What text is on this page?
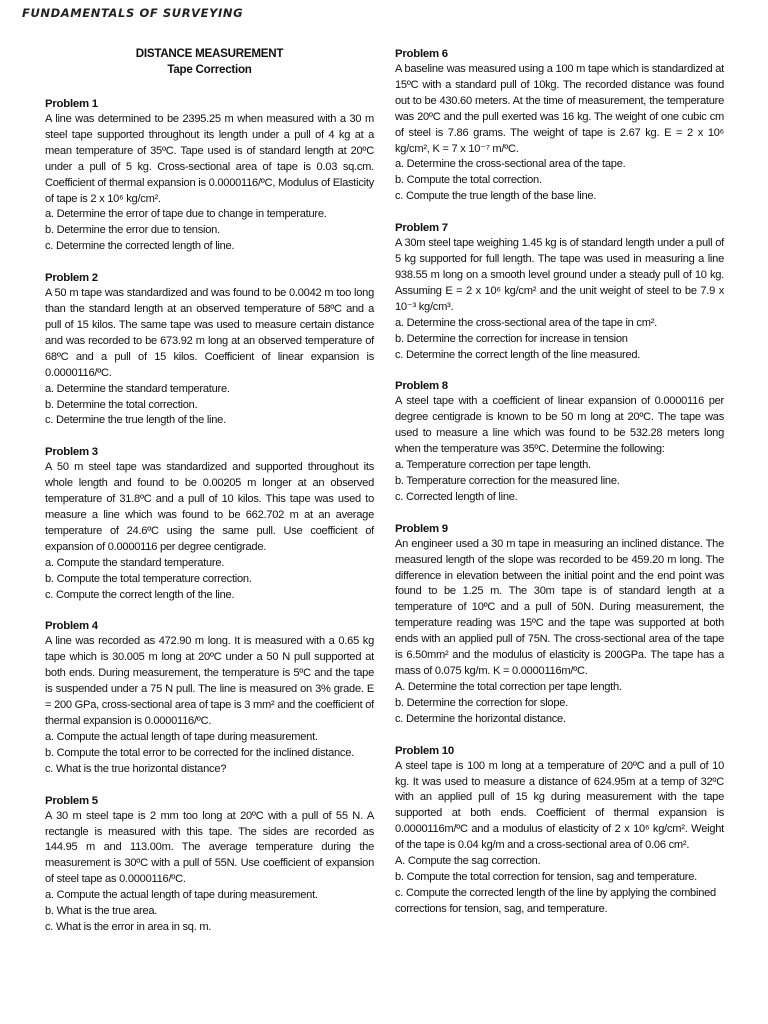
FUNDAMENTALS OF SURVEYING
DISTANCE MEASUREMENT
Tape Correction
Problem 1

A line was determined to be 2395.25 m when measured with a 30 m steel tape supported throughout its length under a pull of 4 kg at a mean temperature of 35ºC. Tape used is of standard length at 20ºC under a pull of 5 kg. Cross-sectional area of tape is 0.03 sq.cm. Coefficient of thermal expansion is 0.0000116/ºC, Modulus of Elasticity of tape is 2 x 10⁶ kg/cm².

a. Determine the error of tape due to change in temperature.
b. Determine the error due to tension.
c. Determine the corrected length of line.
Problem 2

A 50 m tape was standardized and was found to be 0.0042 m too long than the standard length at an observed temperature of 58ºC and a pull of 15 kilos. The same tape was used to measure certain distance and was recorded to be 673.92 m long at an observed temperature of 68ºC and a pull of 15 kilos. Coefficient of linear expansion is 0.0000116/ºC.

a. Determine the standard temperature.
b. Determine the total correction.
c. Determine the true length of the line.
Problem 3

A 50 m steel tape was standardized and supported throughout its whole length and found to be 0.00205 m longer at an observed temperature of 31.8ºC and a pull of 10 kilos. This tape was used to measure a line which was found to be 662.702 m at an average temperature of 24.6ºC using the same pull. Use coefficient of expansion of 0.0000116 per degree centigrade.

a. Compute the standard temperature.
b. Compute the total temperature correction.
c. Compute the correct length of the line.
Problem 4

A line was recorded as 472.90 m long. It is measured with a 0.65 kg tape which is 30.005 m long at 20ºC under a 50 N pull supported at both ends. During measurement, the temperature is 5ºC and the tape is suspended under a 75 N pull. The line is measured on 3% grade. E = 200 GPa, cross-sectional area of tape is 3 mm² and the coefficient of thermal expansion is 0.0000116/ºC.

a. Compute the actual length of tape during measurement.
b. Compute the total error to be corrected for the inclined distance.
c. What is the true horizontal distance?
Problem 5

A 30 m steel tape is 2 mm too long at 20ºC with a pull of 55 N. A rectangle is measured with this tape. The sides are recorded as 144.95 m and 113.00m. The average temperature during the measurement is 30ºC with a pull of 55N. Use coefficient of expansion of steel tape as 0.0000116/ºC.

a. Compute the actual length of tape during measurement.
b. What is the true area.
c. What is the error in area in sq. m.
Problem 6

A baseline was measured using a 100 m tape which is standardized at 15ºC with a standard pull of 10kg. The recorded distance was found out to be 430.60 meters. At the time of measurement, the temperature was 20ºC and the pull exerted was 16 kg. The weight of one cubic cm of steel is 7.86 grams. The weight of tape is 2.67 kg. E = 2 x 10⁶ kg/cm², K = 7 x 10⁻⁷ m/ºC.

a. Determine the cross-sectional area of the tape.
b. Compute the total correction.
c. Compute the true length of the base line.
Problem 7

A 30m steel tape weighing 1.45 kg is of standard length under a pull of 5 kg supported for full length. The tape was used in measuring a line 938.55 m long on a smooth level ground under a steady pull of 10 kg. Assuming E = 2 x 10⁶ kg/cm² and the unit weight of steel to be 7.9 x 10⁻³ kg/cm³.

a. Determine the cross-sectional area of the tape in cm².
b. Determine the correction for increase in tension
c. Determine the correct length of the line measured.
Problem 8

A steel tape with a coefficient of linear expansion of 0.0000116 per degree centigrade is known to be 50 m long at 20ºC. The tape was used to measure a line which was found to be 532.28 meters long when the temperature was 35ºC. Determine the following:

a. Temperature correction per tape length.
b. Temperature correction for the measured line.
c. Corrected length of line.
Problem 9

An engineer used a 30 m tape in measuring an inclined distance. The measured length of the slope was recorded to be 459.20 m long. The difference in elevation between the initial point and the end point was found to be 1.25 m. The 30m tape is of standard length at a temperature of 10ºC and a pull of 50N. During measurement, the temperature reading was 15ºC and the tape was supported at both ends with an applied pull of 75N. The cross-sectional area of the tape is 6.50mm² and the modulus of elasticity is 200GPa. The tape has a mass of 0.075 kg/m. K = 0.0000116m/ºC.

A. Determine the total correction per tape length.
b. Determine the correction for slope.
c. Determine the horizontal distance.
Problem 10

A steel tape is 100 m long at a temperature of 20ºC and a pull of 10 kg. It was used to measure a distance of 624.95m at a temp of 32ºC with an applied pull of 15 kg during measurement with the tape supported at both ends. Coefficient of thermal expansion is 0.0000116m/ºC and a modulus of elasticity of 2 x 10⁶ kg/cm². Weight of the tape is 0.04 kg/m and a cross-sectional area of 0.06 cm².

A. Compute the sag correction.
b. Compute the total correction for tension, sag and temperature.
c. Compute the corrected length of the line by applying the combined corrections for tension, sag, and temperature.
